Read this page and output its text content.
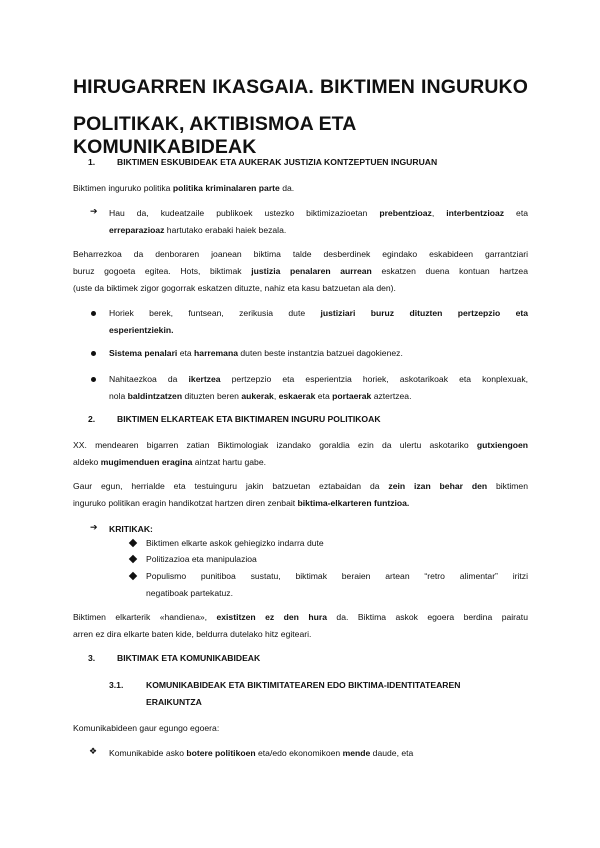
HIRUGARREN IKASGAIA. BIKTIMEN INGURUKO
POLITIKAK, AKTIBISMOA ETA KOMUNIKABIDEAK
1.	BIKTIMEN ESKUBIDEAK ETA AUKERAK JUSTIZIA KONTZEPTUEN INGURUAN
Biktimen inguruko politika politika kriminalaren parte da.
➔ Hau da, kudeatzaile publikoek ustezko biktimizazioetan prebentzioaz, interbentzioaz eta
erreparazioaz hartutako erabaki haiek bezala.
Beharrezkoa da denboraren joanean biktima talde desberdinek egindako eskabideen garrantziari
buruz gogoeta egitea. Hots, biktimak justizia penalaren aurrean eskatzen duena kontuan hartzea
(uste da biktimek zigor gogorrak eskatzen dituzte, nahiz eta kasu batzuetan ala den).
Horiek berek, funtsean, zerikusia dute justiziari buruz dituzten pertzepzio eta
esperientziekin.
Sistema penalari eta harremana duten beste instantzia batzuei dagokienez.
Nahitaezkoa da ikertzea pertzepzio eta esperientzia horiek, askotarikoak eta konplexuak,
nola baldintzatzen dituzten beren aukerak, eskaerak eta portaerak aztertzea.
2.	BIKTIMEN ELKARTEAK ETA BIKTIMAREN INGURU POLITIKOAK
XX. mendearen bigarren zatian Biktimologiak izandako goraldia ezin da ulertu askotariko gutxiengoen
aldeko mugimenduen eragina aintzat hartu gabe.
Gaur egun, herrialde eta testuinguru jakin batzuetan eztabaidan da zein izan behar den biktimen
inguruko politikan eragin handikotzat hartzen diren zenbait biktima-elkarteren funtzioa.
➔ KRITIKAK:
Biktimen elkarte askok gehiegizko indarra dute
Politizazioa eta manipulazioa
Populismo punitiboa sustatu, biktimak beraien artean “retro alimentar” iritzi
negatiboak partekatuz.
Biktimen elkarterik «handiena», existitzen ez den hura da. Biktima askok egoera berdina pairatu
arren ez dira elkarte baten kide, beldurra dutelako hitz egiteari.
3.	BIKTIMAK ETA KOMUNIKABIDEAK
3.1.	KOMUNIKABIDEAK ETA BIKTIMITATEAREN EDO BIKTIMA-IDENTITATEAREN
ERAIKUNTZA
Komunikabideen gaur egungo egoera:
❖ Komunikabide asko botere politikoen eta/edo ekonomikoen mende daude, eta
